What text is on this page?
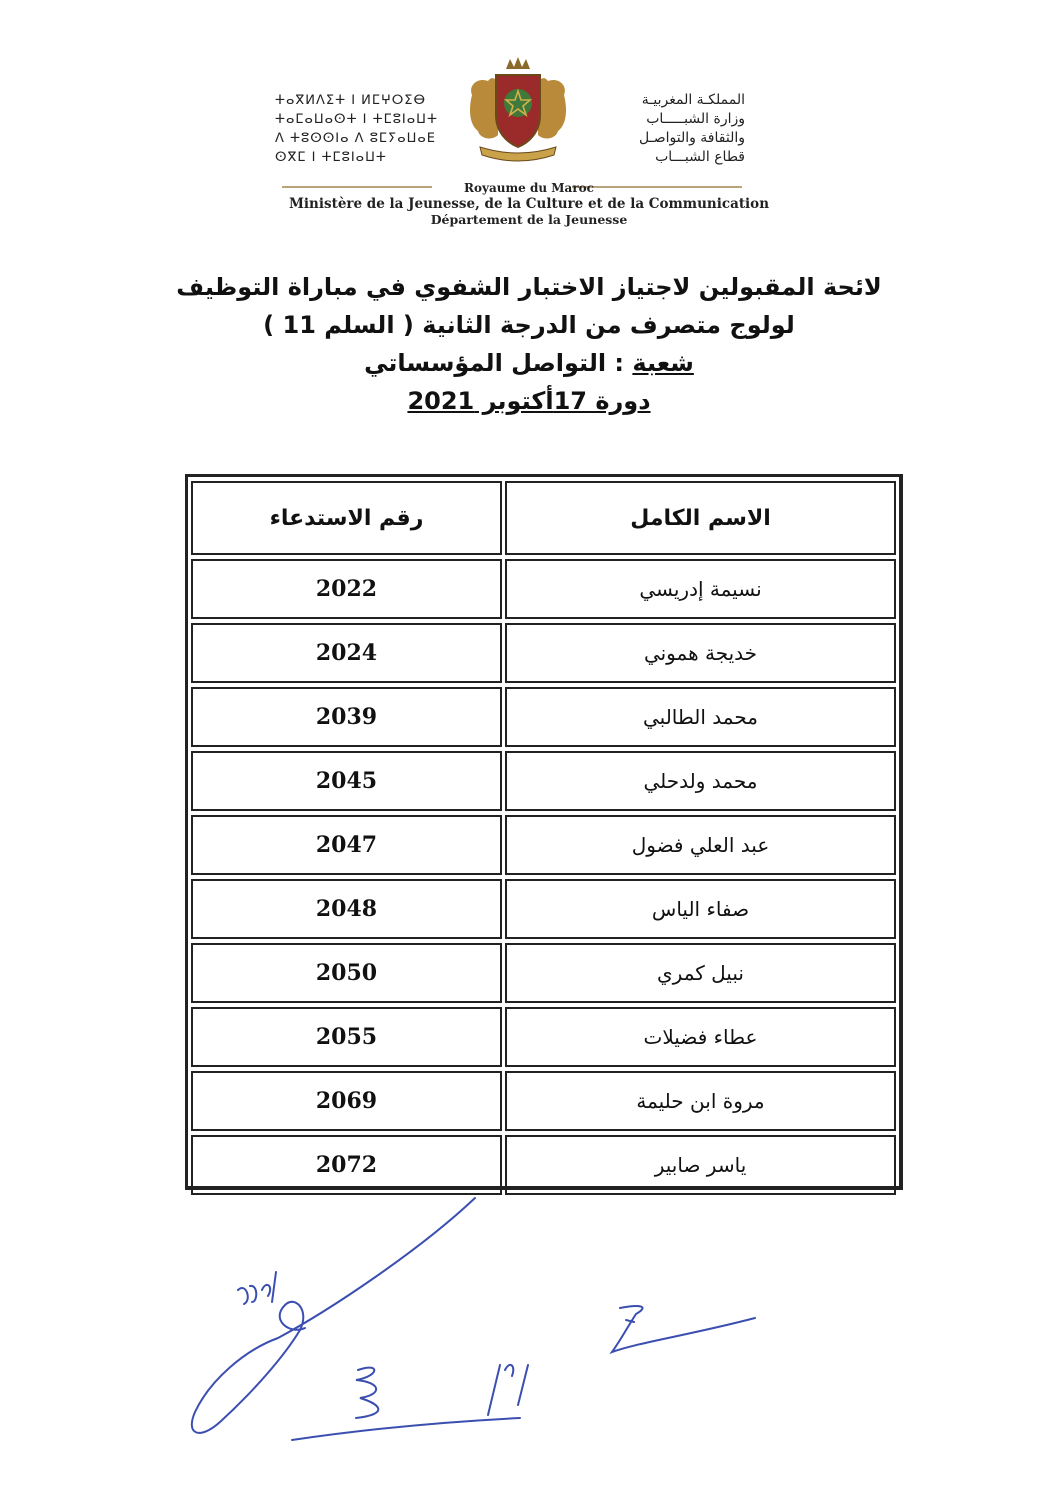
ⵜⴰⴳⵍⴷⵉⵜ ⵏ ⵍⵎⵖⵔⵉⴱ
ⵜⴰⵎⴰⵡⴰⵙⵜ ⵏ ⵜⵎⵓⵏⴰⵡⵜ
ⴷ ⵜⵓⵙⵙⵏⴰ ⴷ ⵓⵎⵢⴰⵡⴰⴹ
ⵙⴳⵎ ⵏ ⵜⵎⵓⵏⴰⵡⵜ
المملكـة المغربيـة
وزارة الشبـــــاب
والثقافة والتواصـل
قطاع الشبـــاب
Royaume du Maroc
Ministère de la Jeunesse, de la Culture et de la Communication
Département de la Jeunesse
لائحة المقبولين لاجتياز الاختبار الشفوي في مباراة التوظيف
لولوج متصرف من الدرجة الثانية ( السلم 11 )
شعبة : التواصل المؤسساتي
دورة 17أكتوبر 2021
الاسم الكامل	رقم الاستدعاء
نسيمة إدريسي	2022
خديجة هموني	2024
محمد الطالبي	2039
محمد ولدحلي	2045
عبد العلي فضول	2047
صفاء الياس	2048
نبيل كمري	2050
عطاء فضيلات	2055
مروة ابن حليمة	2069
ياسر صابير	2072
